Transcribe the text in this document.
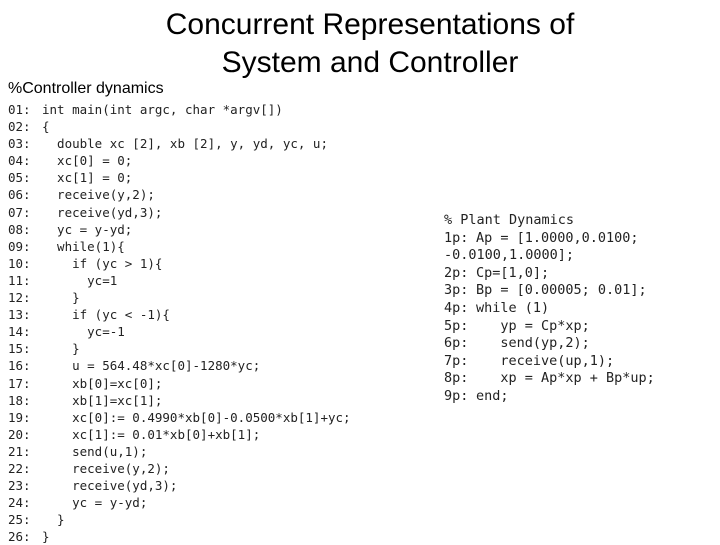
Concurrent Representations of
System and Controller
%Controller dynamics
01: int main(int argc, char *argv[])
02: {
03:  double xc [2], xb [2], y, yd, yc, u;
04:  xc[0] = 0;
05:  xc[1] = 0;
06:  receive(y,2);
07:  receive(yd,3);
08:  yc = y-yd;
09:  while(1){
10:    if (yc > 1){
11:      yc=1
12:    }
13:    if (yc < -1){
14:      yc=-1
15:    }
16:    u = 564.48*xc[0]-1280*yc;
17:    xb[0]=xc[0];
18:    xb[1]=xc[1];
19:    xc[0]:= 0.4990*xb[0]-0.0500*xb[1]+yc;
20:    xc[1]:= 0.01*xb[0]+xb[1];
21:    send(u,1);
22:    receive(y,2);
23:    receive(yd,3);
24:    yc = y-yd;
25:  }
26: }
% Plant Dynamics
1p: Ap = [1.0000,0.0100;
-0.0100,1.0000];
2p: Cp=[1,0];
3p: Bp = [0.00005; 0.01];
4p: while (1)
5p:   yp = Cp*xp;
6p:   send(yp,2);
7p:   receive(up,1);
8p:   xp = Ap*xp + Bp*up;
9p: end;
